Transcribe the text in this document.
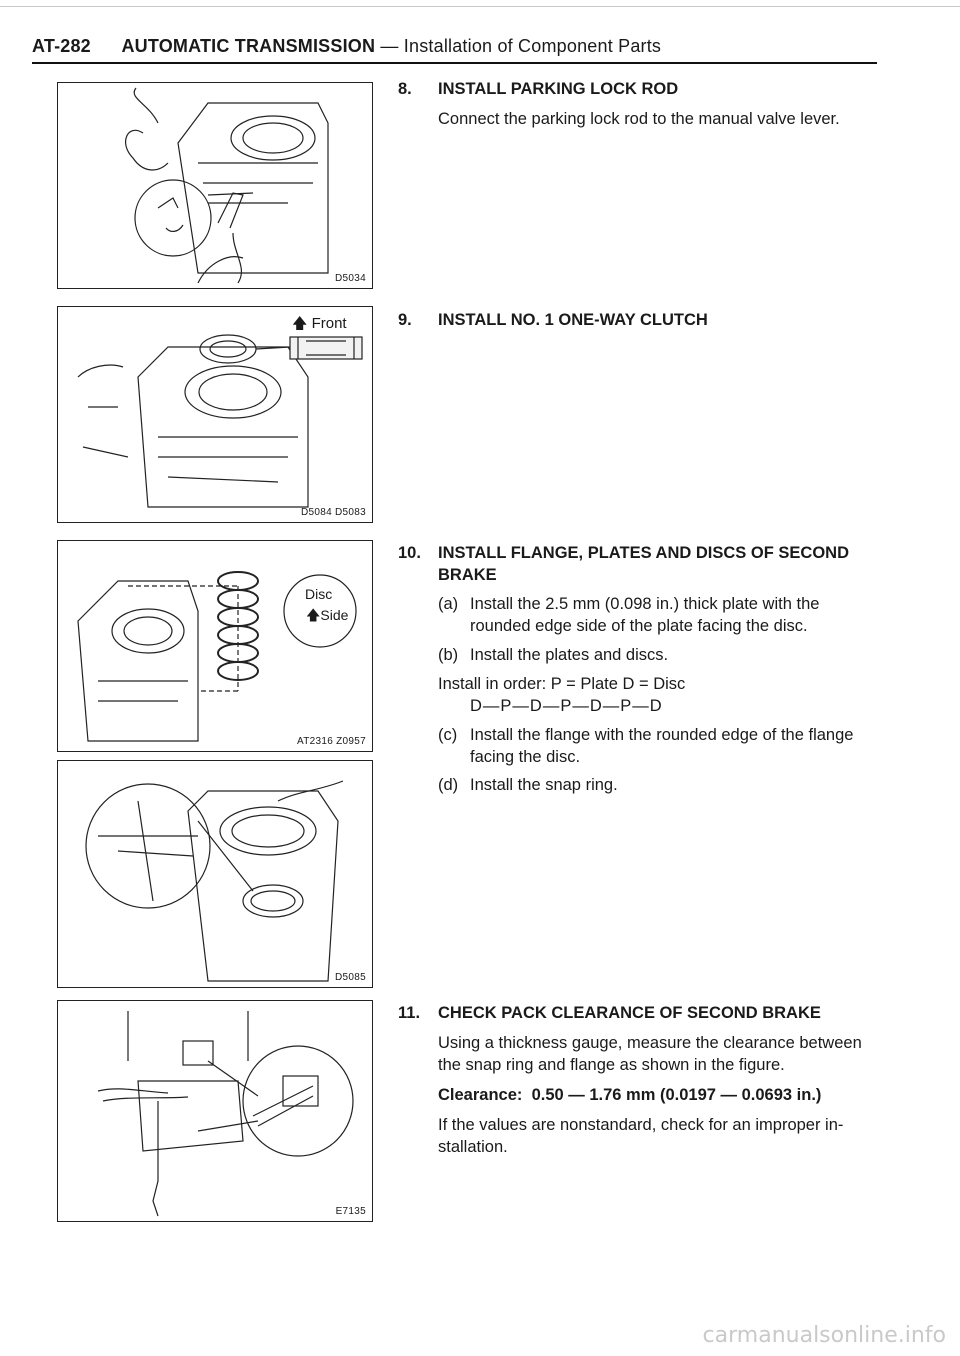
AT-282 AUTOMATIC TRANSMISSION — Installation of Component Parts
D5034
🡅 Front
D5084 D5083
Disc
🡅Side
AT2316 Z0957
D5085
E7135
8.	INSTALL PARKING LOCK ROD

Connect the parking lock rod to the manual valve lever.

9.	INSTALL NO. 1 ONE-WAY CLUTCH
10.	INSTALL FLANGE, PLATES AND DISCS OF SECOND BRAKE
(a) Install the 2.5 mm (0.098 in.) thick plate with the rounded edge side of the plate facing the disc.
(b) Install the plates and discs.
Install in order: P = Plate D = Disc
D—P—D—P—D—P—D
(c) Install the flange with the rounded edge of the flange facing the disc.
(d) Install the snap ring.
11.	CHECK PACK CLEARANCE OF SECOND BRAKE

Using a thickness gauge, measure the clearance between the snap ring and flange as shown in the figure.

Clearance: 0.50 — 1.76 mm (0.0197 — 0.0693 in.)

If the values are nonstandard, check for an improper in-stallation.

carmanualsonline.info
